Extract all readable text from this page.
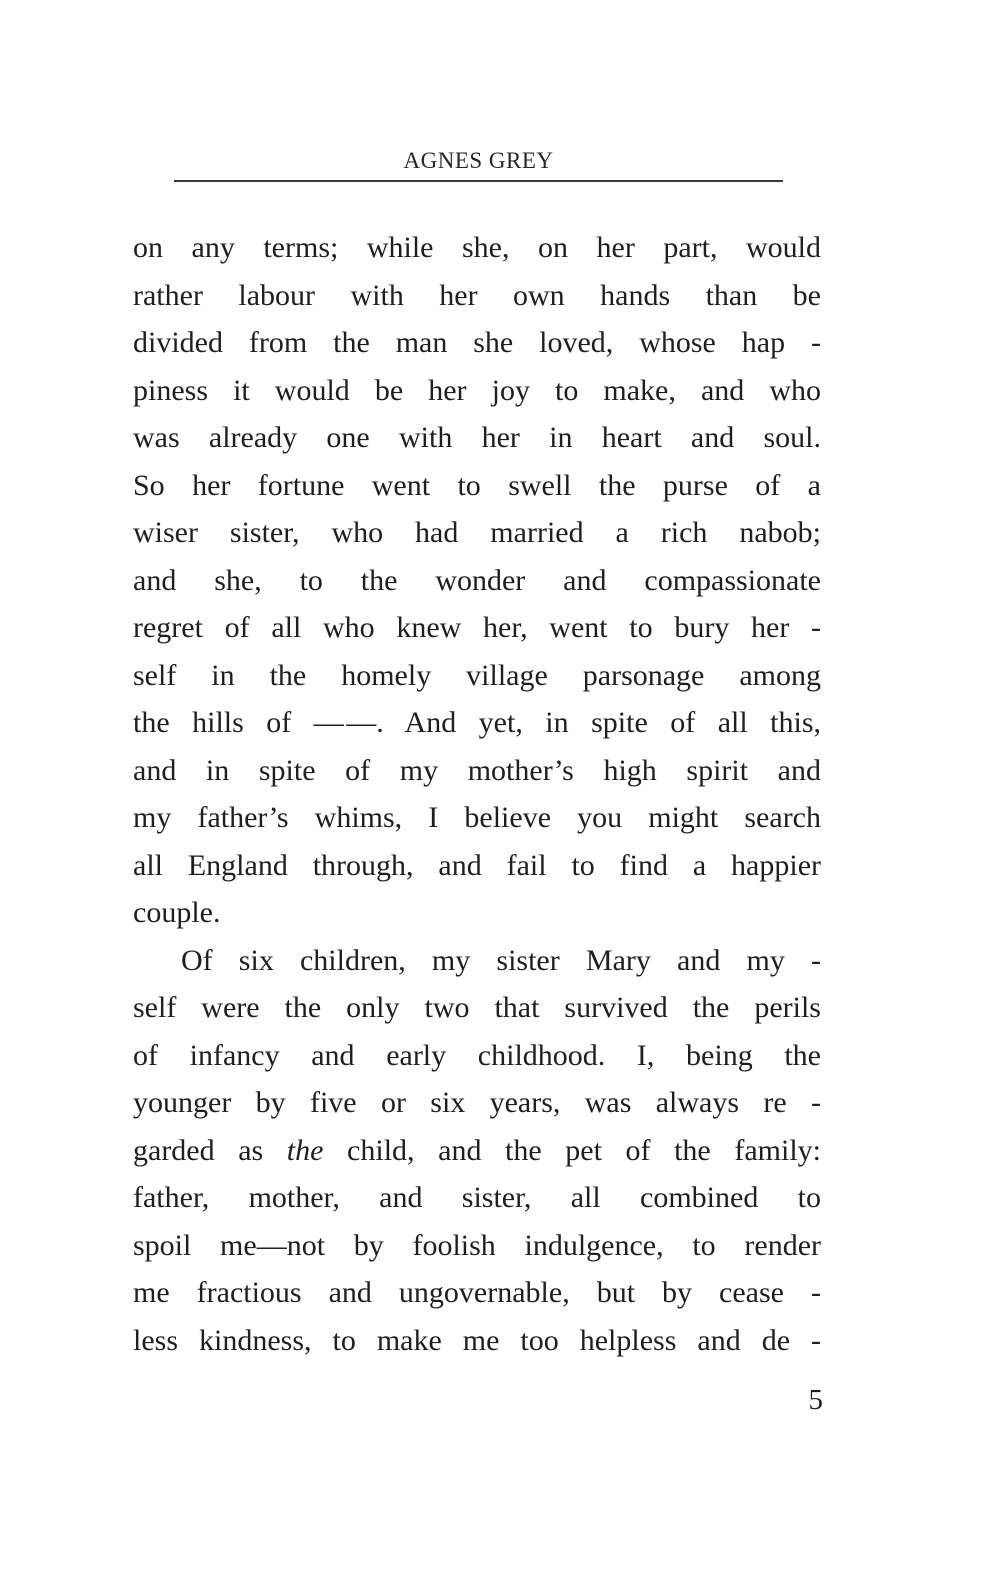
AGNES GREY
on any terms; while she, on her part, would
rather labour with her own hands than be
divided from the man she loved, whose hap -
piness it would be her joy to make, and who
was already one with her in heart and soul.
So her fortune went to swell the purse of a
wiser sister, who had married a rich nabob;
and she, to the wonder and compassionate
regret of all who knew her, went to bury her -
self in the homely village parsonage among
the hills of — —. And yet, in spite of all this,
and in spite of my mother’s high spirit and
my father’s whims, I believe you might search
all England through, and fail to find a happier
couple.
Of six children, my sister Mary and my -
self were the only two that survived the perils
of infancy and early childhood. I, being the
younger by five or six years, was always re -
garded as the child, and the pet of the family:
father, mother, and sister, all combined to
spoil me—not by foolish indulgence, to render
me fractious and ungovernable, but by cease -
less kindness, to make me too helpless and de -
5
